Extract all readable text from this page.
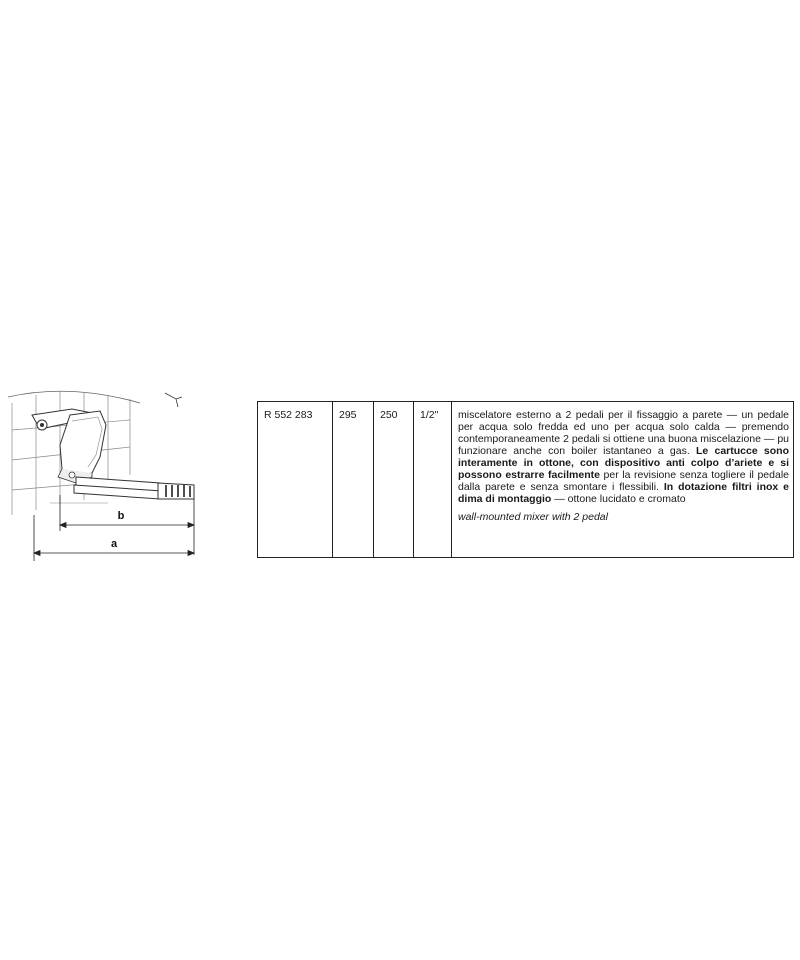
b
a
R 552 283	295	250	1/2"	miscelatore esterno a 2 pedali per il fissaggio a parete — un pedale per acqua solo fredda ed uno per acqua solo calda — premendo contemporaneamente 2 pedali si ottiene una buona miscelazione — pu funzionare anche con boiler istantaneo a gas. Le cartucce sono interamente in ottone, con dispositivo anti colpo d’ariete e si possono estrarre facilmente per la revisione senza togliere il pedale dalla parete e senza smontare i flessibili. In dotazione filtri inox e dima di montaggio — ottone lucidato e cromato

wall-mounted mixer with 2 pedal
